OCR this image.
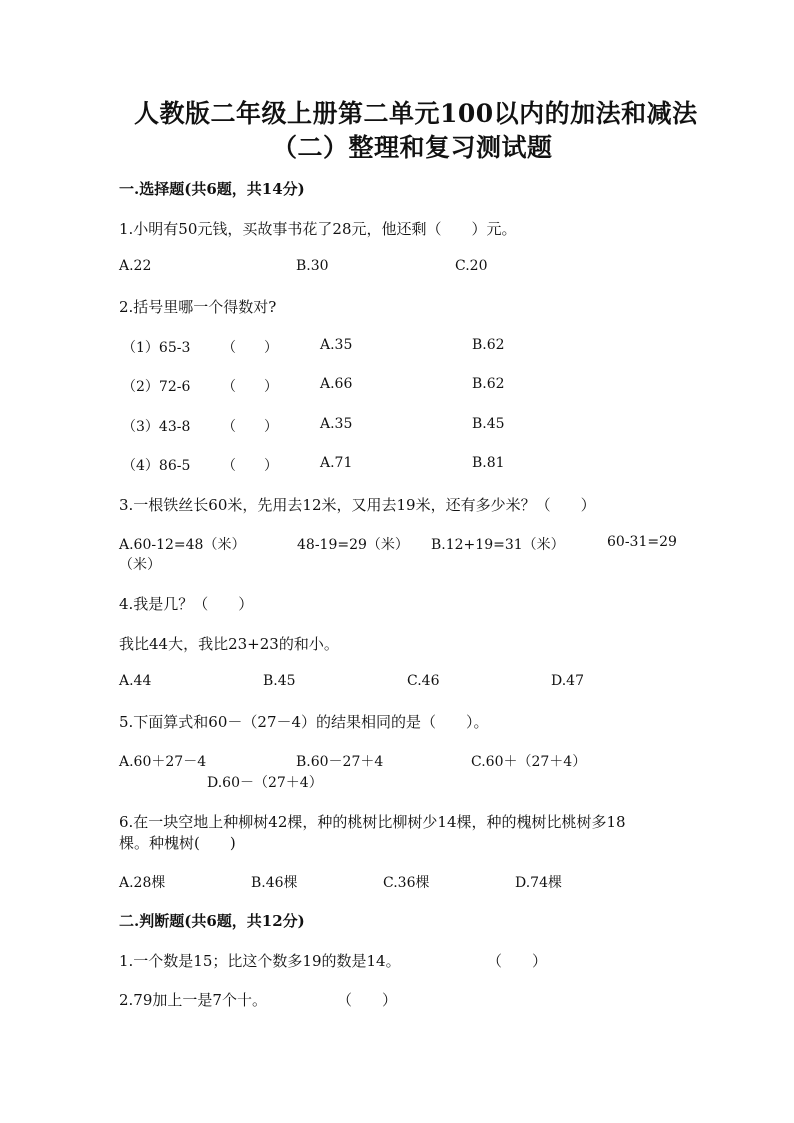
人教版二年级上册第二单元100以内的加法和减法
（二）整理和复习测试题
一.选择题(共6题，共14分)
1.小明有50元钱，买故事书花了28元，他还剩（　　）元。
A.22	B.30	C.20
2.括号里哪一个得数对?
（1）65-3 （　　）	A.35	B.62
（2）72-6 （　　）	A.66	B.62
（3）43-8 （　　）	A.35	B.45
（4）86-5 （　　）	A.71	B.81
3.一根铁丝长60米，先用去12米，又用去19米，还有多少米？（　　）
A.60-12=48（米）	48-19=29（米） B.12+19=31（米）	60-31=29
（米）
4.我是几？（　　）
我比44大，我比23+23的和小。
A.44	B.45	C.46	D.47
5.下面算式和60－（27－4）的结果相同的是（　　）。
A.60＋27－4	B.60－27＋4	C.60＋（27＋4）
D.60－（27＋4）
6.在一块空地上种柳树42棵，种的桃树比柳树少14棵，种的槐树比桃树多18
棵。种槐树(　　)
A.28棵	B.46棵	C.36棵	D.74棵
二.判断题(共6题，共12分)
1.一个数是15；比这个数多19的数是14。	（　　）
2.79加上一是7个十。	（　　）
